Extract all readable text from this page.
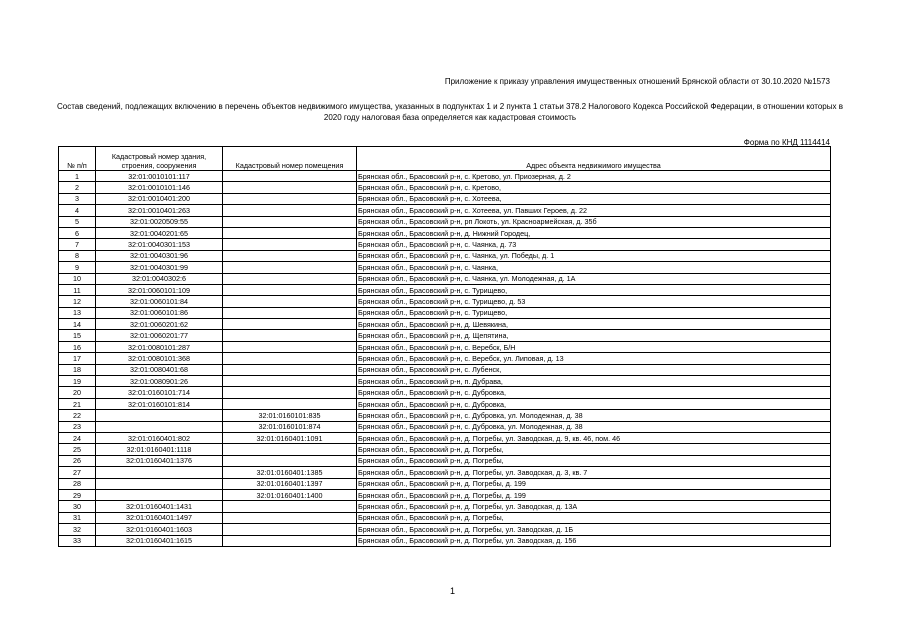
Приложение к приказу управления имущественных отношений Брянской области от 30.10.2020 №1573
Состав сведений, подлежащих включению в перечень объектов недвижимого имущества, указанных в подпунктах 1 и 2 пункта 1 статьи 378.2 Налогового Кодекса Российской Федерации, в отношении которых в 2020 году налоговая база определяется как кадастровая стоимость
Форма по КНД 1114414
№ п/п	Кадастровый номер здания, строения, сооружения	Кадастровый номер помещения	Адрес объекта недвижимого имущества
1	32:01:0010101:117		Брянская обл., Брасовский р-н, с. Кретово, ул. Приозерная, д. 2
2	32:01:0010101:146		Брянская обл., Брасовский р-н, с. Кретово,
3	32:01:0010401:200		Брянская обл., Брасовский р-н, с. Хотеева,
4	32:01:0010401:263		Брянская обл., Брасовский р-н, с. Хотеева, ул. Павших Героев, д. 22
5	32:01:0020509:55		Брянская обл., Брасовский р-н, рп Локоть, ул. Красноармейская, д. 35б
6	32:01:0040201:65		Брянская обл., Брасовский р-н, д. Нижний Городец,
7	32:01:0040301:153		Брянская обл., Брасовский р-н, с. Чаянка, д. 73
8	32:01:0040301:96		Брянская обл., Брасовский р-н, с. Чаянка, ул. Победы, д. 1
9	32:01:0040301:99		Брянская обл., Брасовский р-н, с. Чаянка,
10	32:01:0040302:6		Брянская обл., Брасовский р-н, с. Чаянка, ул. Молодежная, д. 1А
11	32:01:0060101:109		Брянская обл., Брасовский р-н, с. Турищево,
12	32:01:0060101:84		Брянская обл., Брасовский р-н, с. Турищево, д. 53
13	32:01:0060101:86		Брянская обл., Брасовский р-н, с. Турищево,
14	32:01:0060201:62		Брянская обл., Брасовский р-н, д. Шевякина,
15	32:01:0060201:77		Брянская обл., Брасовский р-н, д. Щепятина,
16	32:01:0080101:287		Брянская обл., Брасовский р-н, с. Веребск, Б/Н
17	32:01:0080101:368		Брянская обл., Брасовский р-н, с. Веребск, ул. Липовая, д. 13
18	32:01:0080401:68		Брянская обл., Брасовский р-н, с. Лубенск,
19	32:01:0080901:26		Брянская обл., Брасовский р-н, п. Дубрава,
20	32:01:0160101:714		Брянская обл., Брасовский р-н, с. Дубровка,
21	32:01:0160101:814		Брянская обл., Брасовский р-н, с. Дубровка,
22		32:01:0160101:835	Брянская обл., Брасовский р-н, с. Дубровка, ул. Молодежная, д. 38
23		32:01:0160101:874	Брянская обл., Брасовский р-н, с. Дубровка, ул. Молодежная, д. 38
24	32:01:0160401:802	32:01:0160401:1091	Брянская обл., Брасовский р-н, д. Погребы, ул. Заводская, д. 9, кв. 46, пом. 46
25	32:01:0160401:1118		Брянская обл., Брасовский р-н, д. Погребы,
26	32:01:0160401:1376		Брянская обл., Брасовский р-н, д. Погребы,
27		32:01:0160401:1385	Брянская обл., Брасовский р-н, д. Погребы, ул. Заводская, д. 3, кв. 7
28		32:01:0160401:1397	Брянская обл., Брасовский р-н, д. Погребы, д. 199
29		32:01:0160401:1400	Брянская обл., Брасовский р-н, д. Погребы, д. 199
30	32:01:0160401:1431		Брянская обл., Брасовский р-н, д. Погребы, ул. Заводская, д. 13А
31	32:01:0160401:1497		Брянская обл., Брасовский р-н, д. Погребы,
32	32:01:0160401:1603		Брянская обл., Брасовский р-н, д. Погребы, ул. Заводская, д. 1Б
33	32:01:0160401:1615		Брянская обл., Брасовский р-н, д. Погребы, ул. Заводская, д. 156
1
